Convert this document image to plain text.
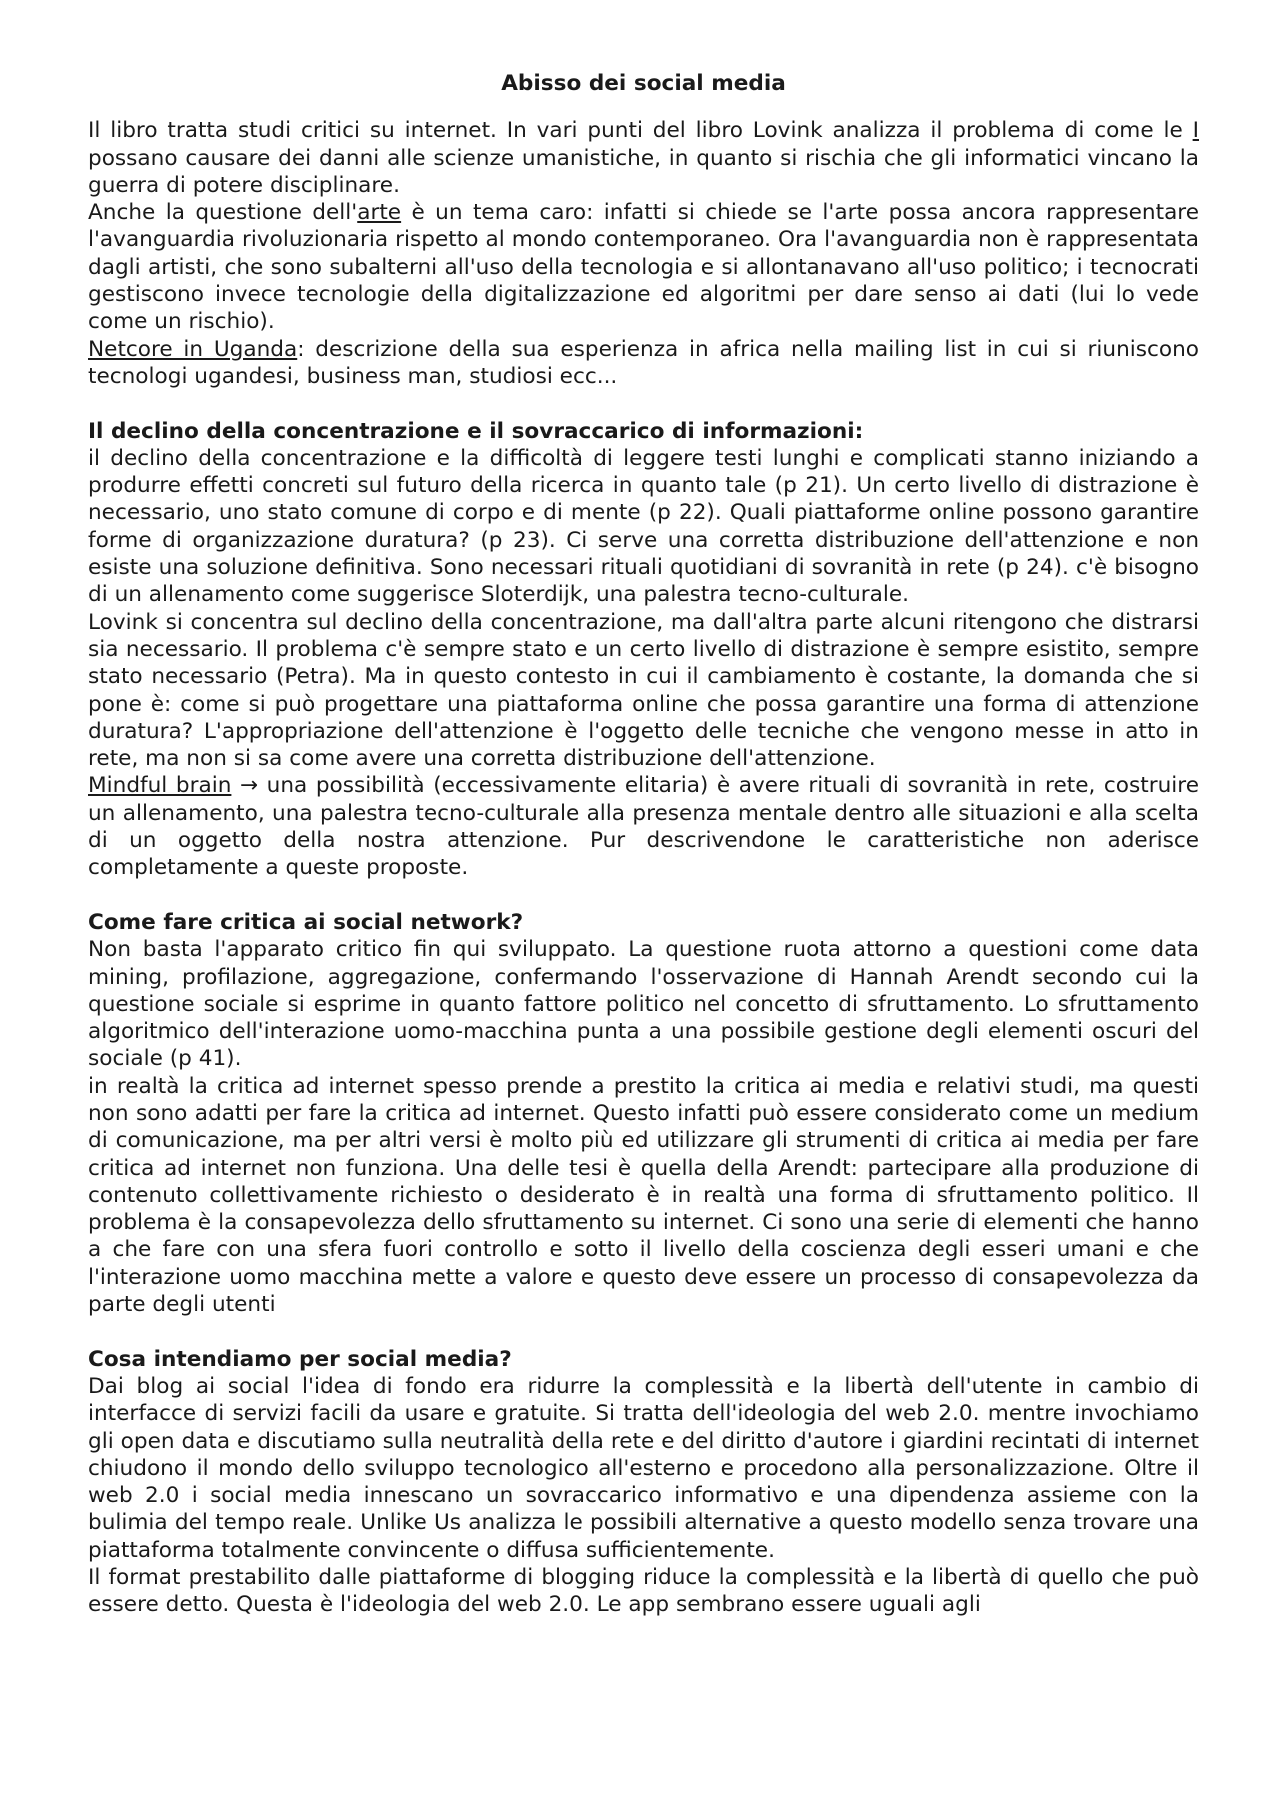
Abisso dei social media

Il libro tratta studi critici su internet. In vari punti del libro Lovink analizza il problema di come le I possano causare dei danni alle scienze umanistiche, in quanto si rischia che gli informatici vincano la guerra di potere disciplinare.

Anche la questione dell'arte è un tema caro: infatti si chiede se l'arte possa ancora rappresentare l'avanguardia rivoluzionaria rispetto al mondo contemporaneo. Ora l'avanguardia non è rappresentata dagli artisti, che sono subalterni all'uso della tecnologia e si allontanavano all'uso politico; i tecnocrati gestiscono invece tecnologie della digitalizzazione ed algoritmi per dare senso ai dati (lui lo vede come un rischio).

Netcore in Uganda: descrizione della sua esperienza in africa nella mailing list in cui si riuniscono tecnologi ugandesi, business man, studiosi ecc...

Il declino della concentrazione e il sovraccarico di informazioni:

il declino della concentrazione e la difficoltà di leggere testi lunghi e complicati stanno iniziando a produrre effetti concreti sul futuro della ricerca in quanto tale (p 21). Un certo livello di distrazione è necessario, uno stato comune di corpo e di mente (p 22). Quali piattaforme online possono garantire forme di organizzazione duratura? (p 23). Ci serve una corretta distribuzione dell'attenzione e non esiste una soluzione definitiva. Sono necessari rituali quotidiani di sovranità in rete (p 24). c'è bisogno di un allenamento come suggerisce Sloterdijk, una palestra tecno-culturale.

Lovink si concentra sul declino della concentrazione, ma dall'altra parte alcuni ritengono che distrarsi sia necessario. Il problema c'è sempre stato e un certo livello di distrazione è sempre esistito, sempre stato necessario (Petra). Ma in questo contesto in cui il cambiamento è costante, la domanda che si pone è: come si può progettare una piattaforma online che possa garantire una forma di attenzione duratura? L'appropriazione dell'attenzione è l'oggetto delle tecniche che vengono messe in atto in rete, ma non si sa come avere una corretta distribuzione dell'attenzione.

Mindful brain → una possibilità (eccessivamente elitaria) è avere rituali di sovranità in rete, costruire un allenamento, una palestra tecno-culturale alla presenza mentale dentro alle situazioni e alla scelta di un oggetto della nostra attenzione. Pur descrivendone le caratteristiche non aderisce completamente a queste proposte.

Come fare critica ai social network?

Non basta l'apparato critico fin qui sviluppato. La questione ruota attorno a questioni come data mining, profilazione, aggregazione, confermando l'osservazione di Hannah Arendt secondo cui la questione sociale si esprime in quanto fattore politico nel concetto di sfruttamento. Lo sfruttamento algoritmico dell'interazione uomo-macchina punta a una possibile gestione degli elementi oscuri del sociale (p 41).

in realtà la critica ad internet spesso prende a prestito la critica ai media e relativi studi, ma questi non sono adatti per fare la critica ad internet. Questo infatti può essere considerato come un medium di comunicazione, ma per altri versi è molto più ed utilizzare gli strumenti di critica ai media per fare critica ad internet non funziona. Una delle tesi è quella della Arendt: partecipare alla produzione di contenuto collettivamente richiesto o desiderato è in realtà una forma di sfruttamento politico. Il problema è la consapevolezza dello sfruttamento su internet. Ci sono una serie di elementi che hanno a che fare con una sfera fuori controllo e sotto il livello della coscienza degli esseri umani e che l'interazione uomo macchina mette a valore e questo deve essere un processo di consapevolezza da parte degli utenti

Cosa intendiamo per social media?

Dai blog ai social l'idea di fondo era ridurre la complessità e la libertà dell'utente in cambio di interfacce di servizi facili da usare e gratuite. Si tratta dell'ideologia del web 2.0. mentre invochiamo gli open data e discutiamo sulla neutralità della rete e del diritto d'autore i giardini recintati di internet chiudono il mondo dello sviluppo tecnologico all'esterno e procedono alla personalizzazione. Oltre il web 2.0 i social media innescano un sovraccarico informativo e una dipendenza assieme con la bulimia del tempo reale. Unlike Us analizza le possibili alternative a questo modello senza trovare una piattaforma totalmente convincente o diffusa sufficientemente.

Il format prestabilito dalle piattaforme di blogging riduce la complessità e la libertà di quello che può essere detto. Questa è l'ideologia del web 2.0. Le app sembrano essere uguali agli
